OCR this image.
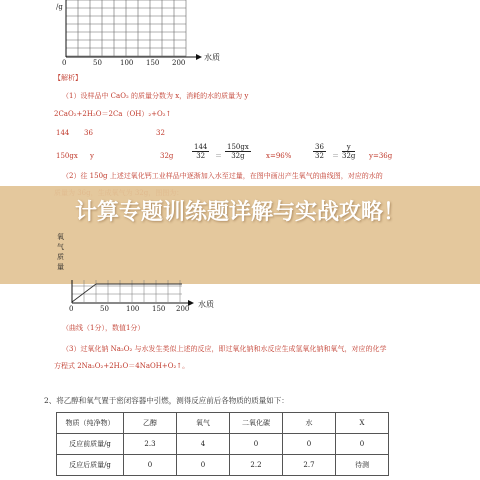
/g
水质
0	50	100 150 200
【解析】
（1）设样品中 CaO₂ 的质量分数为 x，消耗的水的质量为 y
2CaO₂+2H₂O＝2Ca（OH）₂+O₂↑
144 36	32
150gx y	32g	$\frac{144}{32} = \frac{150gx}{32g} x=96\%$	$\frac{36}{32} = \frac{y}{32g} y=36g$
（2）往 150g 上述过氧化钙工业样品中逐渐加入水至过量，在图中画出产生氧气的曲线图，对应的水的
计算专题训练题详解与实战攻略！
氧
气
质
量
水质
0	50 100 150 200
（曲线（1分），数值1分）
（3）过氧化钠 Na₂O₂ 与水发生类似上述的反应，即过氧化钠和水反应生成氢氧化钠和氧气，对应的化学
方程式 2Na₂O₂+2H₂O＝4NaOH+O₂↑。
2、将乙醇和氧气置于密闭容器中引燃，测得反应前后各物质的质量如下：
物质（纯净物）	乙醇	氧气	二氧化碳	水	X
反应前质量/g	2.3	4	0	0	0
反应后质量/g	0	0	2.2	2.7	待测
